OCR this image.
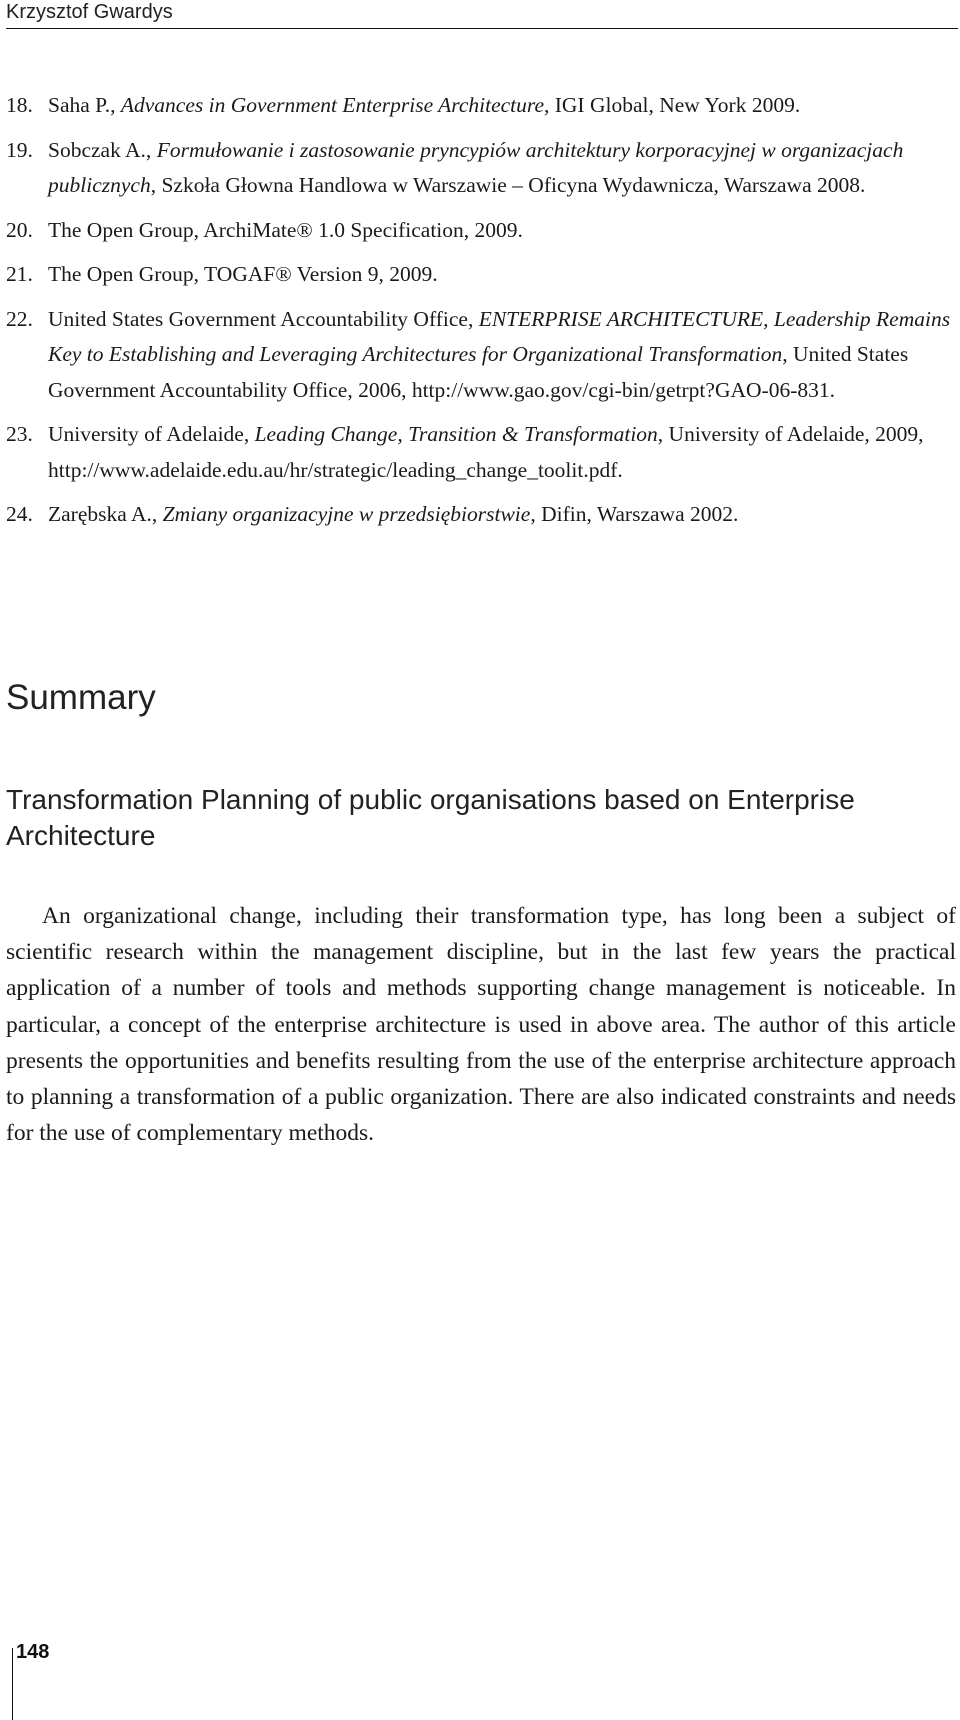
Krzysztof Gwardys
18. Saha P., Advances in Government Enterprise Architecture, IGI Global, New York 2009.
19. Sobczak A., Formułowanie i zastosowanie pryncypiów architektury korporacyjnej w organizacjach publicznych, Szkoła Głowna Handlowa w Warszawie – Oficyna Wydawnicza, Warszawa 2008.
20. The Open Group, ArchiMate® 1.0 Specification, 2009.
21. The Open Group, TOGAF® Version 9, 2009.
22. United States Government Accountability Office, ENTERPRISE ARCHITECTURE, Leadership Remains Key to Establishing and Leveraging Architectures for Organizational Transformation, United States Government Accountability Office, 2006, http://www.gao.gov/cgi-bin/getrpt?GAO-06-831.
23. University of Adelaide, Leading Change, Transition & Transformation, University of Adelaide, 2009, http://www.adelaide.edu.au/hr/strategic/leading_change_toolit.pdf.
24. Zarębska A., Zmiany organizacyjne w przedsiębiorstwie, Difin, Warszawa 2002.
Summary
Transformation Planning of public organisations based on Enterprise Architecture

An organizational change, including their transformation type, has long been a subject of scientific research within the management discipline, but in the last few years the practical application of a number of tools and methods supporting change management is noticeable. In particular, a concept of the enterprise architecture is used in above area. The author of this article presents the opportunities and benefits resulting from the use of the enterprise architecture approach to planning a transformation of a public organization. There are also indicated constraints and needs for the use of complementary methods.

148
